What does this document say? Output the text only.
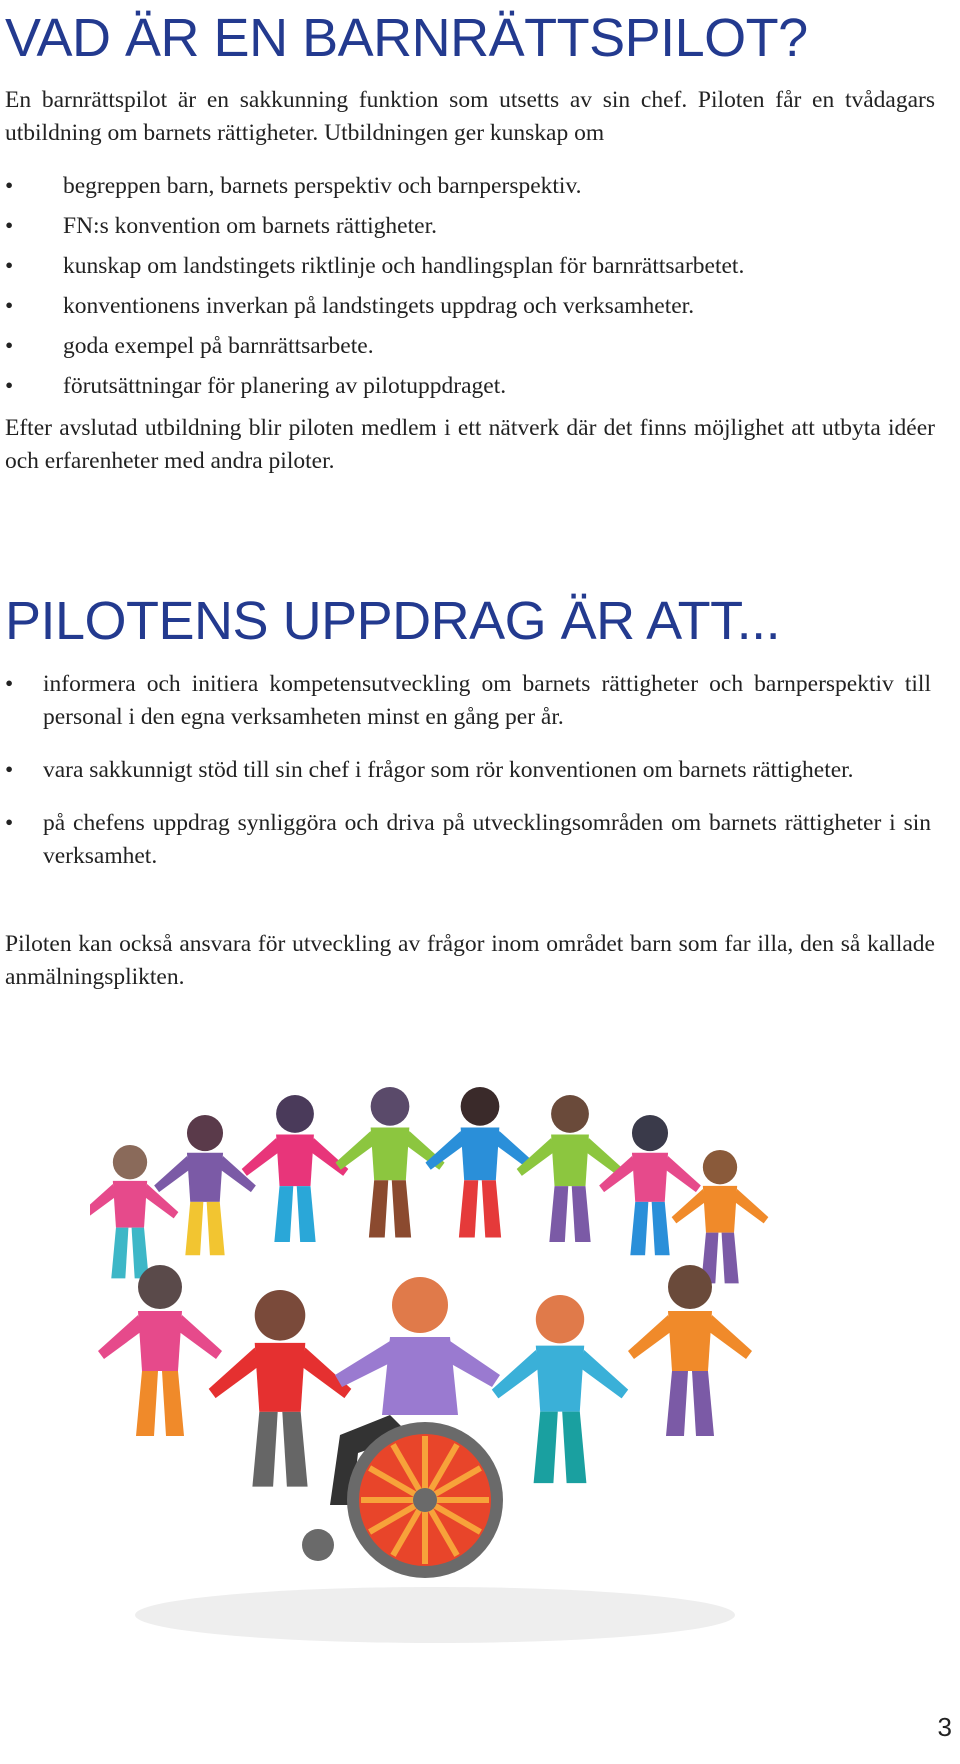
VAD ÄR EN BARNRÄTTSPILOT?

En barnrättspilot är en sakkunning funktion som utsetts av sin chef. Piloten får en tvådagars utbildning om barnets rättigheter. Utbildningen ger kunskap om

• begreppen barn, barnets perspektiv och barnperspektiv.
• FN:s konvention om barnets rättigheter.
• kunskap om landstingets riktlinje och handlingsplan för barnrättsarbetet.
• konventionens inverkan på landstingets uppdrag och verksamheter.
• goda exempel på barnrättsarbete.
• förutsättningar för planering av pilotuppdraget.

Efter avslutad utbildning blir piloten medlem i ett nätverk där det finns möjlighet att utbyta idéer och erfarenheter med andra piloter.

PILOTENS UPPDRAG ÄR ATT...
• informera och initiera kompetensutveckling om barnets rättigheter och barnperspektiv till personal i den egna verksamheten minst en gång per år.
• vara sakkunnigt stöd till sin chef i frågor som rör konventionen om barnets rättigheter.
• på chefens uppdrag synliggöra och driva på utvecklingsområden om barnets rättigheter i sin verksamhet.

Piloten kan också ansvara för utveckling av frågor inom området barn som far illa, den så kallade anmälningsplikten.

3
